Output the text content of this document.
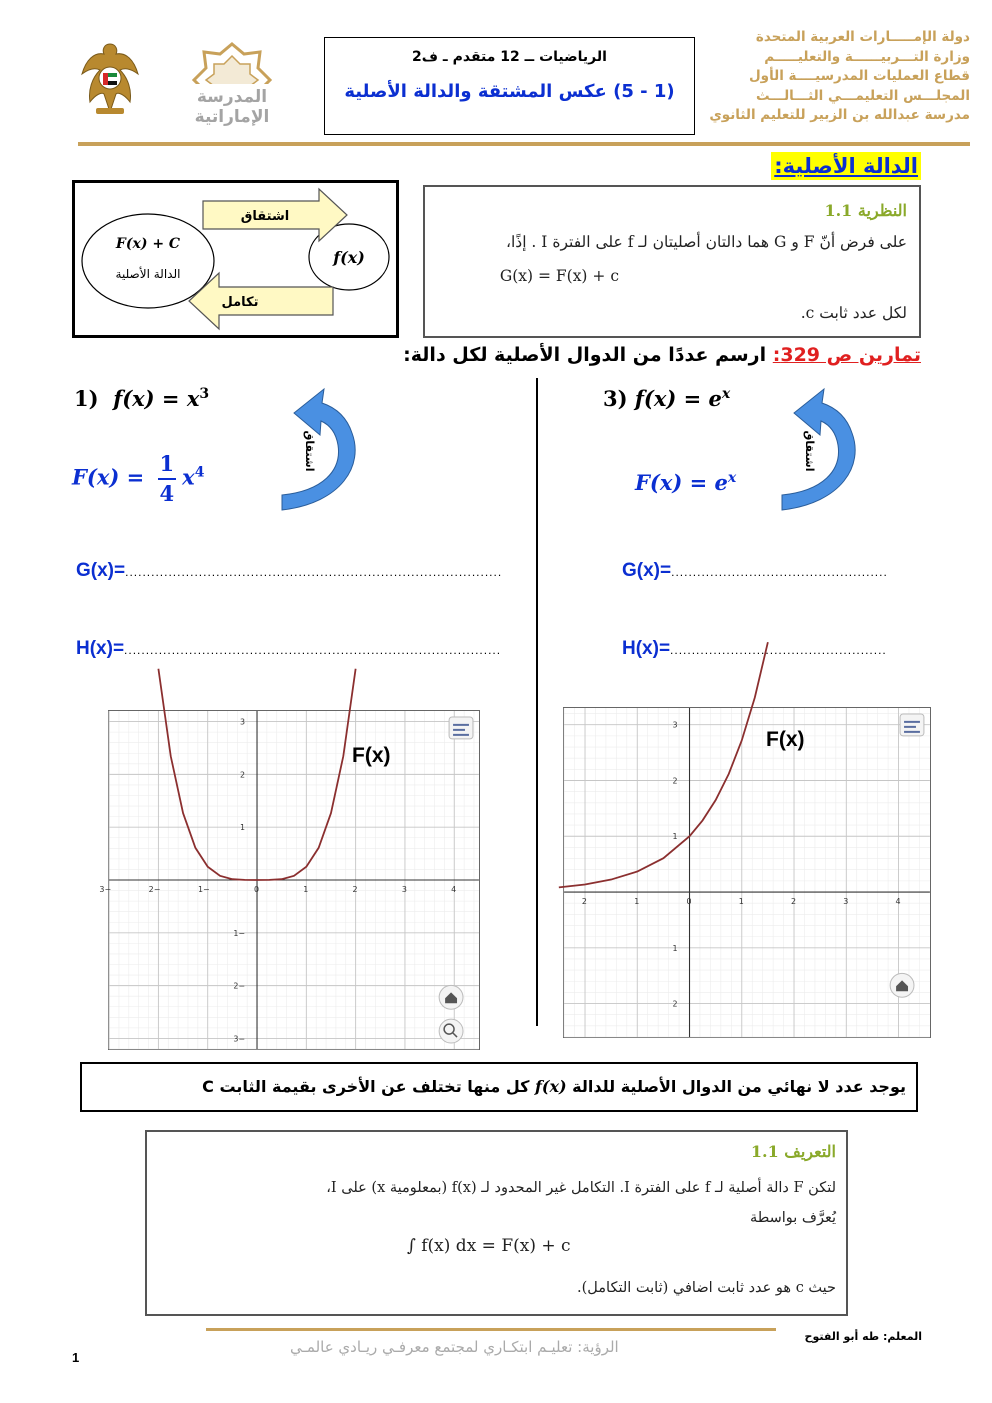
دولة الإمـــــارات العربية المتحدة
وزارة التـــربيــــــة والتعليـــــم
قطاع العمليات المدرسيــــة الأول
المجلـــس التعليمـــي الثـــالـــث
مدرسة عبدالله بن الزبير للتعليم الثانوي
الرياضيات ــ 12 متقدم ـ ف2
(1 - 5) عكس المشتقة والدالة الأصلية
المدرسة
الإماراتية
الدالة الأصلية:
F(x) + C
الدالة الأصلية
f(x)
اشتقاق
تكامل
النظرية 1.1
على فرض أنّ F و G هما دالتان أصليتان لـ f على الفترة I . إذًا،
G(x) = F(x) + c
لكل عدد ثابت c.
تمارين ص 329: ارسم عددًا من الدوال الأصلية لكل دالة:
1) $f(x) = x^3$
$F(x) = \frac{1}{4} x^4$
اشتقاق
G(x)=.......................................................................................
H(x)=.......................................................................................
3) $f(x) = e^x$
$F(x) = e^x$
اشتقاق
G(x)=..................................................
H(x)=..................................................
−3	−2	−1	0	1	2	3	4
−3
−2
−1
1
2
3
F(x)
2	1	0	1	2	3	4
3
2
1
1
2
F(x)
يوجد عدد لا نهائي من الدوال الأصلية للدالة f(x) كل منها تختلف عن الأخرى بقيمة الثابت C
التعريف 1.1
لتكن F دالة أصلية لـ f على الفترة I. التكامل غير المحدود لـ f(x) (بمعلومية x) على I،
يُعرَّف بواسطة
∫ f(x) dx = F(x) + c
حيث c هو عدد ثابت اضافي (ثابت التكامل).
المعلم: طه أبو الفتوح
الرؤية: تعليـم ابتكـاري لمجتمع معرفـي ريـادي عالمـي
1
